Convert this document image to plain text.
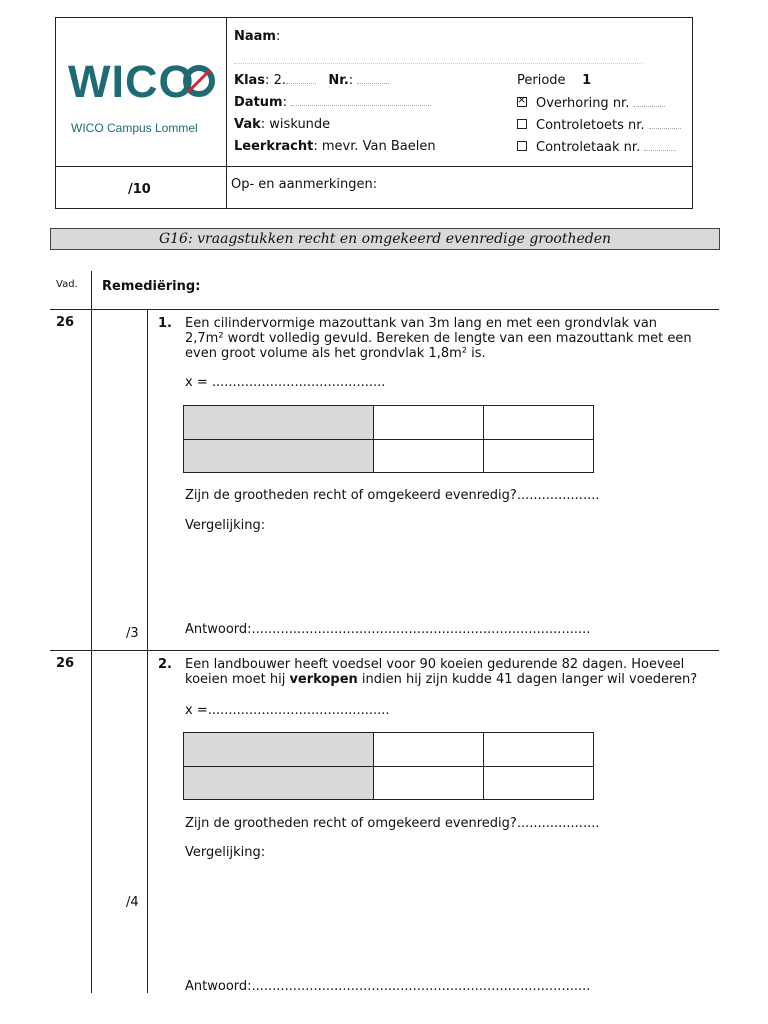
WICO
WICO Campus Lommel
Naam:
Klas: 2.	Nr.:
Datum:
Vak: wiskunde
Leerkracht: mevr. Van Baelen
Periode 1
×Overhoring nr.
Controletoets nr.
Controletaak nr.
/10	Op- en aanmerkingen:
G16: vraagstukken recht en omgekeerd evenredige grootheden
Vad. Remediëring:
26	1. Een cilindervormige mazouttank van 3m lang en met een grondvlak van
2,7m² wordt volledig gevuld. Bereken de lengte van een mazouttank met een
even groot volume als het grondvlak 1,8m² is.
x = ..........................................

Zijn de grootheden recht of omgekeerd evenredig?....................
Vergelijking:
Antwoord:..................................................................................
/3
26	2. Een landbouwer heeft voedsel voor 90 koeien gedurende 82 dagen. Hoeveel
koeien moet hij verkopen indien hij zijn kudde 41 dagen langer wil voederen?
x =............................................

Zijn de grootheden recht of omgekeerd evenredig?....................
Vergelijking:
/4
Antwoord:..................................................................................
